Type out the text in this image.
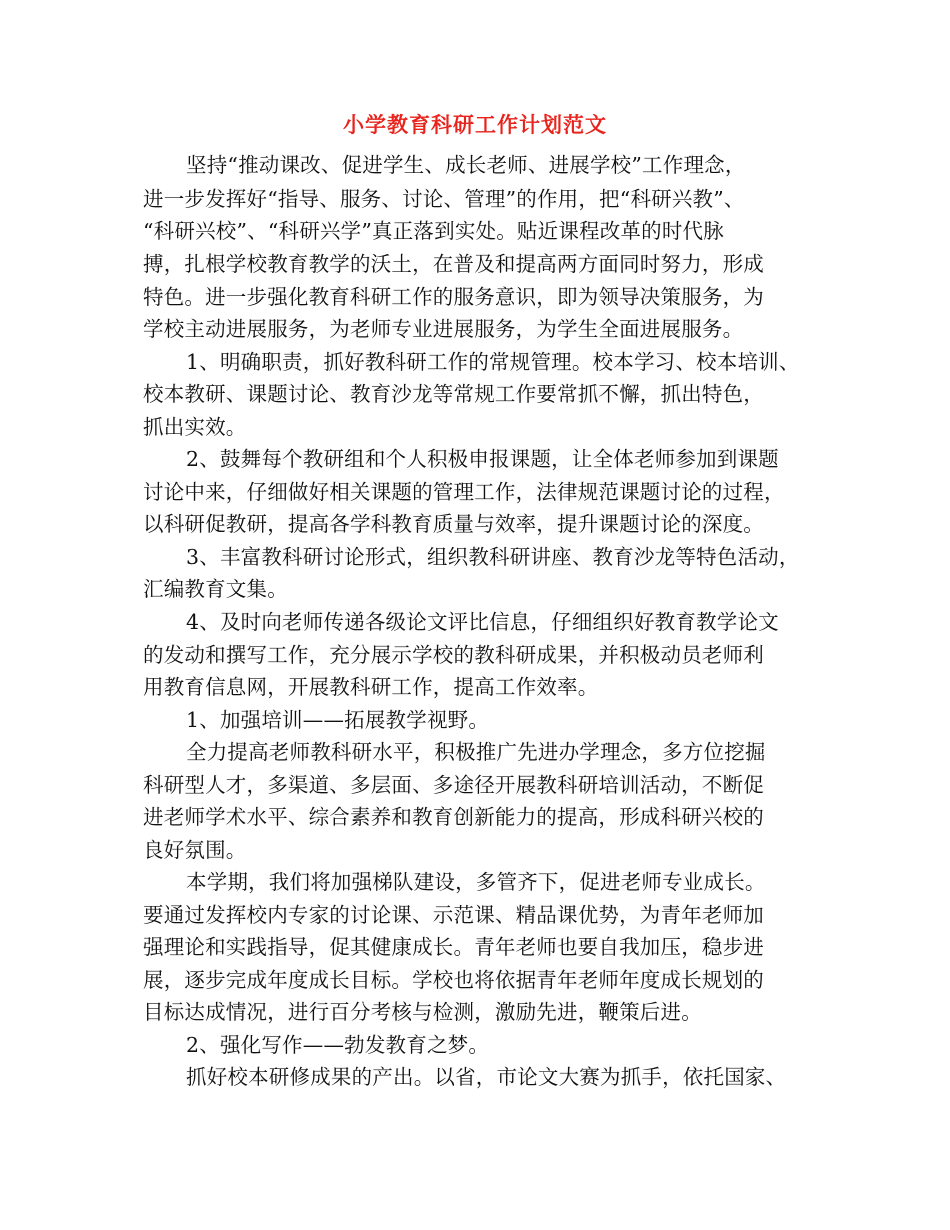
小学教育科研工作计划范文
坚持“推动课改、促进学生、成长老师、进展学校”工作理念，
进一步发挥好“指导、服务、讨论、管理”的作用，把“科研兴教”、
“科研兴校”、“科研兴学”真正落到实处。贴近课程改革的时代脉
搏，扎根学校教育教学的沃土，在普及和提高两方面同时努力，形成
特色。进一步强化教育科研工作的服务意识，即为领导决策服务，为
学校主动进展服务，为老师专业进展服务，为学生全面进展服务。
1、明确职责，抓好教科研工作的常规管理。校本学习、校本培训、
校本教研、课题讨论、教育沙龙等常规工作要常抓不懈，抓出特色，
抓出实效。
2、鼓舞每个教研组和个人积极申报课题，让全体老师参加到课题
讨论中来，仔细做好相关课题的管理工作，法律规范课题讨论的过程，
以科研促教研，提高各学科教育质量与效率，提升课题讨论的深度。
3、丰富教科研讨论形式，组织教科研讲座、教育沙龙等特色活动，
汇编教育文集。
4、及时向老师传递各级论文评比信息，仔细组织好教育教学论文
的发动和撰写工作，充分展示学校的教科研成果，并积极动员老师利
用教育信息网，开展教科研工作，提高工作效率。
1、加强培训——拓展教学视野。
全力提高老师教科研水平，积极推广先进办学理念，多方位挖掘
科研型人才，多渠道、多层面、多途径开展教科研培训活动，不断促
进老师学术水平、综合素养和教育创新能力的提高，形成科研兴校的
良好氛围。
本学期，我们将加强梯队建设，多管齐下，促进老师专业成长。
要通过发挥校内专家的讨论课、示范课、精品课优势，为青年老师加
强理论和实践指导，促其健康成长。青年老师也要自我加压，稳步进
展，逐步完成年度成长目标。学校也将依据青年老师年度成长规划的
目标达成情况，进行百分考核与检测，激励先进，鞭策后进。
2、强化写作——勃发教育之梦。
抓好校本研修成果的产出。以省，市论文大赛为抓手，依托国家、
